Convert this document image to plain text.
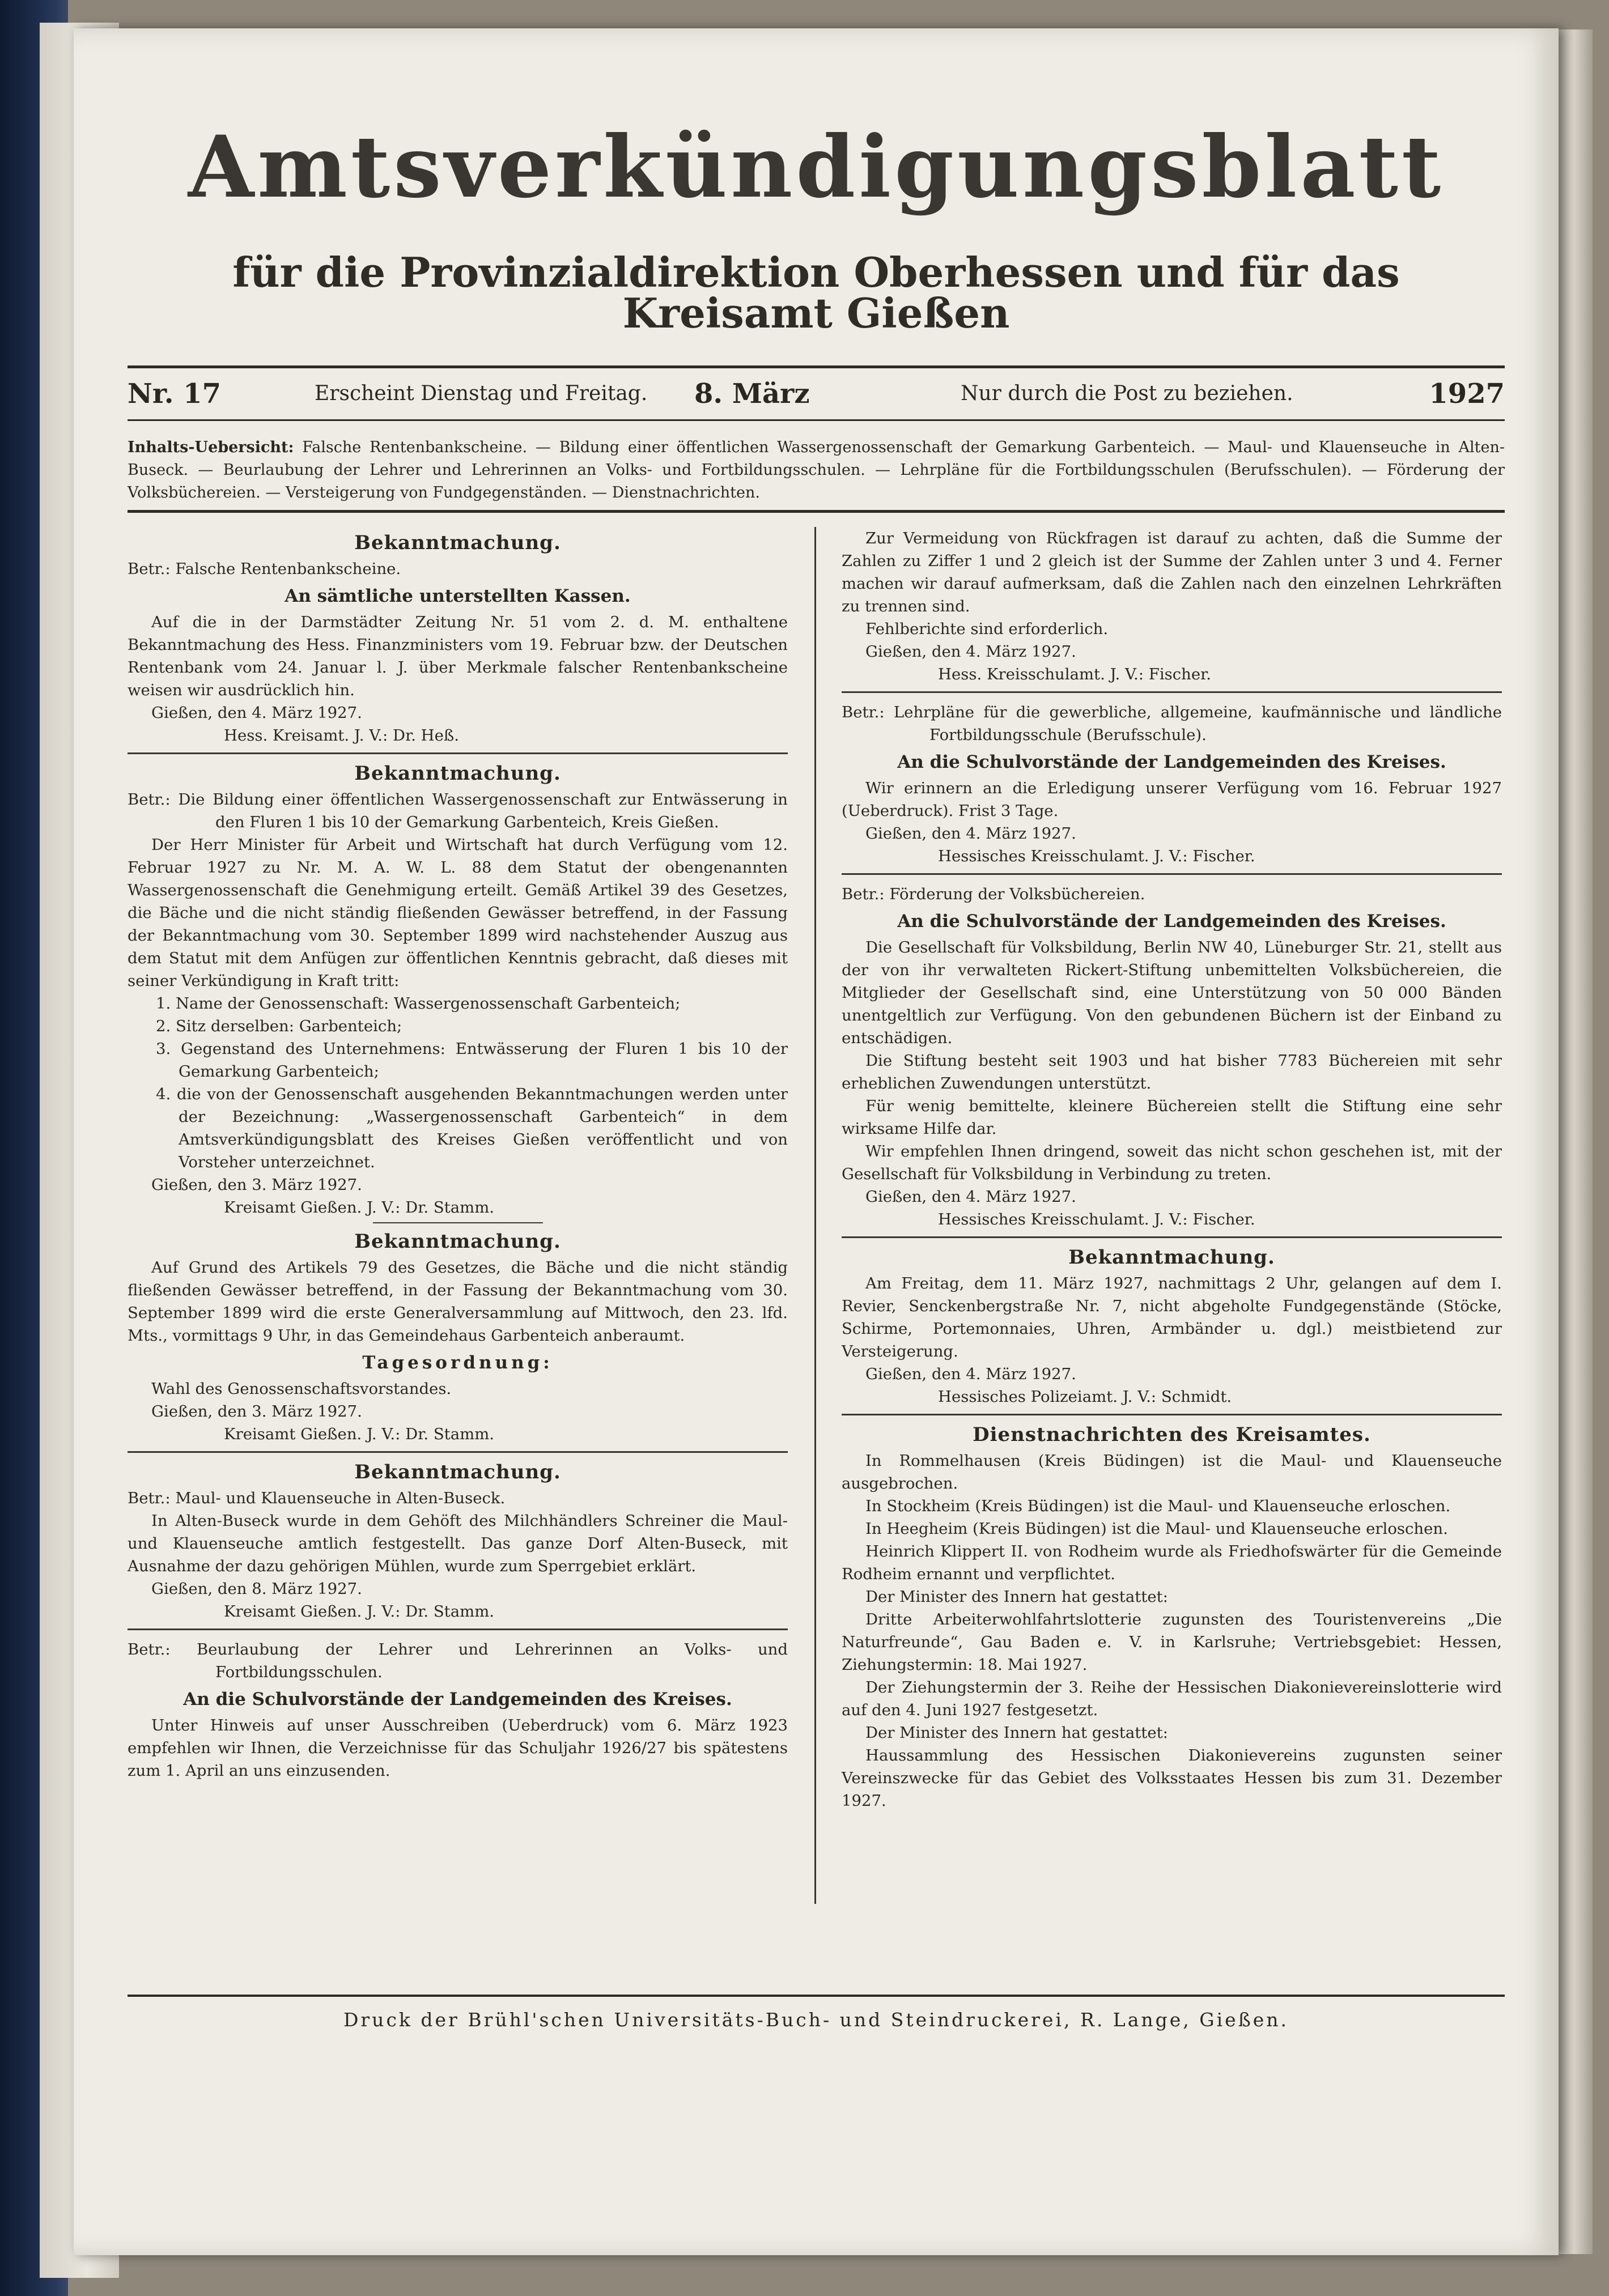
Amtsverkündigungsblatt
für die Provinzialdirektion Oberhessen und für das Kreisamt Gießen
Nr. 17	Erscheint Dienstag und Freitag. 8. März	Nur durch die Post zu beziehen.	1927
Inhalts-Uebersicht: Falsche Rentenbankscheine. — Bildung einer öffentlichen Wassergenossenschaft der Gemarkung Garbenteich. — Maul- und Klauenseuche in Alten-Buseck. — Beurlaubung der Lehrer und Lehrerinnen an Volks- und Fortbildungsschulen. — Lehrpläne für die Fortbildungsschulen (Berufsschulen). — Förderung der Volksbüchereien. — Versteigerung von Fundgegenständen. — Dienstnachrichten.
Bekanntmachung.

Betr.: Falsche Rentenbankscheine.

An sämtliche unterstellten Kassen.

Auf die in der Darmstädter Zeitung Nr. 51 vom 2. d. M. enthaltene Bekanntmachung des Hess. Finanzministers vom 19. Februar bzw. der Deutschen Rentenbank vom 24. Januar l. J. über Merkmale falscher Rentenbankscheine weisen wir ausdrücklich hin.

Gießen, den 4. März 1927.

Hess. Kreisamt. J. V.: Dr. Heß.

Bekanntmachung.

Betr.: Die Bildung einer öffentlichen Wassergenossenschaft zur Entwässerung in den Fluren 1 bis 10 der Gemarkung Garbenteich, Kreis Gießen.

Der Herr Minister für Arbeit und Wirtschaft hat durch Verfügung vom 12. Februar 1927 zu Nr. M. A. W. L. 88 dem Statut der obengenannten Wassergenossenschaft die Genehmigung erteilt. Gemäß Artikel 39 des Gesetzes, die Bäche und die nicht ständig fließenden Gewässer betreffend, in der Fassung der Bekanntmachung vom 30. September 1899 wird nachstehender Auszug aus dem Statut mit dem Anfügen zur öffentlichen Kenntnis gebracht, daß dieses mit seiner Verkündigung in Kraft tritt:

1. Name der Genossenschaft: Wassergenossenschaft Garbenteich;

2. Sitz derselben: Garbenteich;

3. Gegenstand des Unternehmens: Entwässerung der Fluren 1 bis 10 der Gemarkung Garbenteich;

4. die von der Genossenschaft ausgehenden Bekanntmachungen werden unter der Bezeichnung: „Wassergenossenschaft Garbenteich“ in dem Amtsverkündigungsblatt des Kreises Gießen veröffentlicht und von Vorsteher unterzeichnet.

Gießen, den 3. März 1927.

Kreisamt Gießen. J. V.: Dr. Stamm.

Bekanntmachung.

Auf Grund des Artikels 79 des Gesetzes, die Bäche und die nicht ständig fließenden Gewässer betreffend, in der Fassung der Bekanntmachung vom 30. September 1899 wird die erste Generalversammlung auf Mittwoch, den 23. lfd. Mts., vormittags 9 Uhr, in das Gemeindehaus Garbenteich anberaumt.

Tagesordnung:

Wahl des Genossenschaftsvorstandes.

Gießen, den 3. März 1927.

Kreisamt Gießen. J. V.: Dr. Stamm.

Bekanntmachung.

Betr.: Maul- und Klauenseuche in Alten-Buseck.

In Alten-Buseck wurde in dem Gehöft des Milchhändlers Schreiner die Maul- und Klauenseuche amtlich festgestellt. Das ganze Dorf Alten-Buseck, mit Ausnahme der dazu gehörigen Mühlen, wurde zum Sperrgebiet erklärt.

Gießen, den 8. März 1927.

Kreisamt Gießen. J. V.: Dr. Stamm.

Betr.: Beurlaubung der Lehrer und Lehrerinnen an Volks- und Fortbildungsschulen.

An die Schulvorstände der Landgemeinden des Kreises.

Unter Hinweis auf unser Ausschreiben (Ueberdruck) vom 6. März 1923 empfehlen wir Ihnen, die Verzeichnisse für das Schuljahr 1926/27 bis spätestens zum 1. April an uns einzusenden.

Zur Vermeidung von Rückfragen ist darauf zu achten, daß die Summe der Zahlen zu Ziffer 1 und 2 gleich ist der Summe der Zahlen unter 3 und 4. Ferner machen wir darauf aufmerksam, daß die Zahlen nach den einzelnen Lehrkräften zu trennen sind.

Fehlberichte sind erforderlich.

Gießen, den 4. März 1927.

Hess. Kreisschulamt. J. V.: Fischer.

Betr.: Lehrpläne für die gewerbliche, allgemeine, kaufmännische und ländliche Fortbildungsschule (Berufsschule).

An die Schulvorstände der Landgemeinden des Kreises.

Wir erinnern an die Erledigung unserer Verfügung vom 16. Februar 1927 (Ueberdruck). Frist 3 Tage.

Gießen, den 4. März 1927.

Hessisches Kreisschulamt. J. V.: Fischer.

Betr.: Förderung der Volksbüchereien.

An die Schulvorstände der Landgemeinden des Kreises.

Die Gesellschaft für Volksbildung, Berlin NW 40, Lüneburger Str. 21, stellt aus der von ihr verwalteten Rickert-Stiftung unbemittelten Volksbüchereien, die Mitglieder der Gesellschaft sind, eine Unterstützung von 50 000 Bänden unentgeltlich zur Verfügung. Von den gebundenen Büchern ist der Einband zu entschädigen.

Die Stiftung besteht seit 1903 und hat bisher 7783 Büchereien mit sehr erheblichen Zuwendungen unterstützt.

Für wenig bemittelte, kleinere Büchereien stellt die Stiftung eine sehr wirksame Hilfe dar.

Wir empfehlen Ihnen dringend, soweit das nicht schon geschehen ist, mit der Gesellschaft für Volksbildung in Verbindung zu treten.

Gießen, den 4. März 1927.

Hessisches Kreisschulamt. J. V.: Fischer.

Bekanntmachung.

Am Freitag, dem 11. März 1927, nachmittags 2 Uhr, gelangen auf dem I. Revier, Senckenbergstraße Nr. 7, nicht abgeholte Fundgegenstände (Stöcke, Schirme, Portemonnaies, Uhren, Armbänder u. dgl.) meistbietend zur Versteigerung.

Gießen, den 4. März 1927.

Hessisches Polizeiamt. J. V.: Schmidt.

Dienstnachrichten des Kreisamtes.

In Rommelhausen (Kreis Büdingen) ist die Maul- und Klauenseuche ausgebrochen.

In Stockheim (Kreis Büdingen) ist die Maul- und Klauenseuche erloschen.

In Heegheim (Kreis Büdingen) ist die Maul- und Klauenseuche erloschen.

Heinrich Klippert II. von Rodheim wurde als Friedhofswärter für die Gemeinde Rodheim ernannt und verpflichtet.

Der Minister des Innern hat gestattet:

Dritte Arbeiterwohlfahrtslotterie zugunsten des Touristenvereins „Die Naturfreunde“, Gau Baden e. V. in Karlsruhe; Vertriebsgebiet: Hessen, Ziehungstermin: 18. Mai 1927.

Der Ziehungstermin der 3. Reihe der Hessischen Diakonievereinslotterie wird auf den 4. Juni 1927 festgesetzt.

Der Minister des Innern hat gestattet:

Haussammlung des Hessischen Diakonievereins zugunsten seiner Vereinszwecke für das Gebiet des Volksstaates Hessen bis zum 31. Dezember 1927.

Druck der Brühl'schen Universitäts-Buch- und Steindruckerei, R. Lange, Gießen.
